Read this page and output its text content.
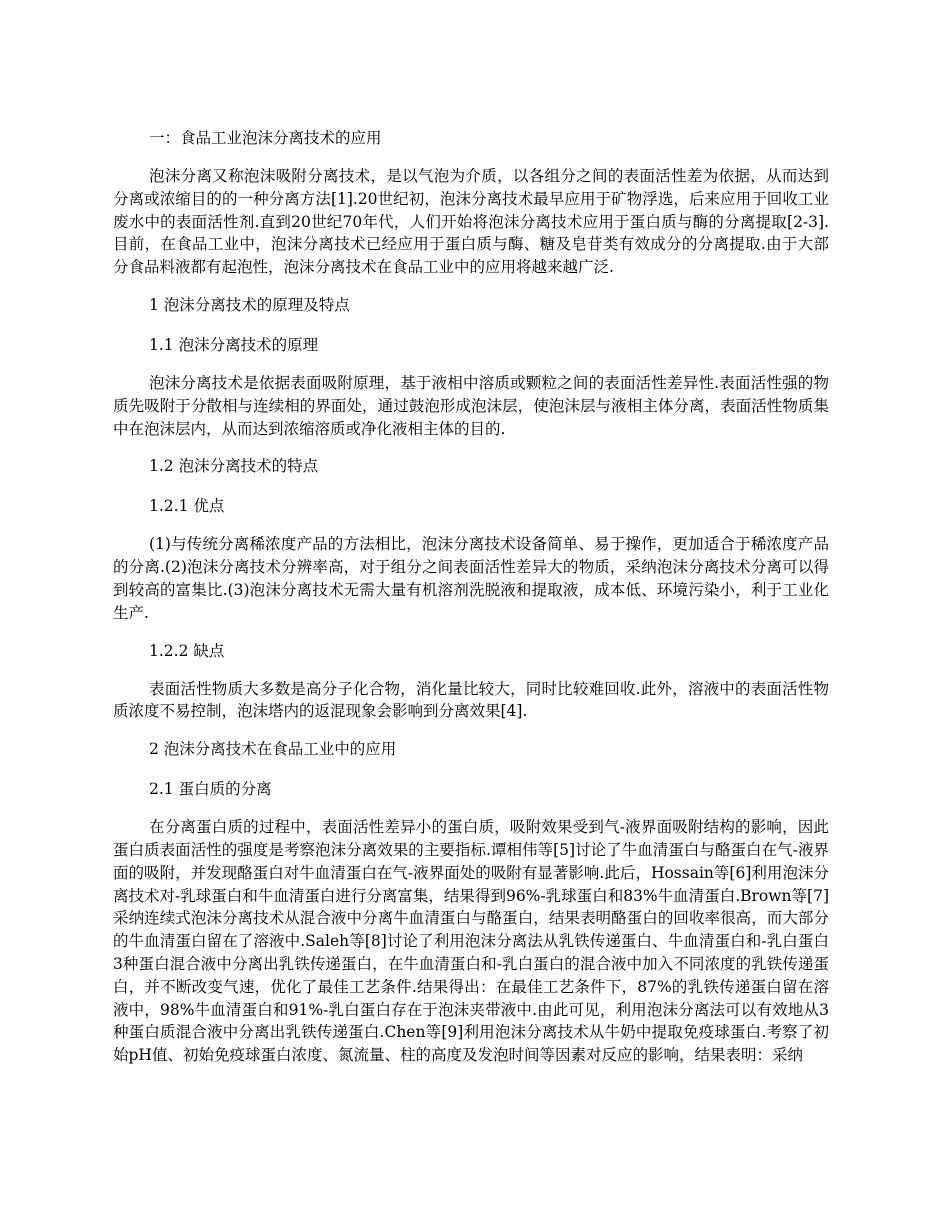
一：食品工业泡沫分离技术的应用
泡沫分离又称泡沫吸附分离技术，是以气泡为介质，以各组分之间的表面活性差为依据，从而达到分离或浓缩目的的一种分离方法[1].20世纪初，泡沫分离技术最早应用于矿物浮选，后来应用于回收工业废水中的表面活性剂.直到20世纪70年代，人们开始将泡沫分离技术应用于蛋白质与酶的分离提取[2-3].目前，在食品工业中，泡沫分离技术已经应用于蛋白质与酶、糖及皂苷类有效成分的分离提取.由于大部分食品料液都有起泡性，泡沫分离技术在食品工业中的应用将越来越广泛.
1 泡沫分离技术的原理及特点
1.1 泡沫分离技术的原理
泡沫分离技术是依据表面吸附原理，基于液相中溶质或颗粒之间的表面活性差异性.表面活性强的物质先吸附于分散相与连续相的界面处，通过鼓泡形成泡沫层，使泡沫层与液相主体分离，表面活性物质集中在泡沫层内，从而达到浓缩溶质或净化液相主体的目的.
1.2 泡沫分离技术的特点
1.2.1 优点
(1)与传统分离稀浓度产品的方法相比，泡沫分离技术设备简单、易于操作，更加适合于稀浓度产品的分离.(2)泡沫分离技术分辨率高，对于组分之间表面活性差异大的物质，采纳泡沫分离技术分离可以得到较高的富集比.(3)泡沫分离技术无需大量有机溶剂洗脱液和提取液，成本低、环境污染小，利于工业化生产.
1.2.2 缺点
表面活性物质大多数是高分子化合物，消化量比较大，同时比较难回收.此外，溶液中的表面活性物质浓度不易控制，泡沫塔内的返混现象会影响到分离效果[4].
2 泡沫分离技术在食品工业中的应用
2.1 蛋白质的分离
在分离蛋白质的过程中，表面活性差异小的蛋白质，吸附效果受到气-液界面吸附结构的影响，因此蛋白质表面活性的强度是考察泡沫分离效果的主要指标.谭相伟等[5]讨论了牛血清蛋白与酪蛋白在气-液界面的吸附，并发现酪蛋白对牛血清蛋白在气-液界面处的吸附有显著影响.此后，Hossain等[6]利用泡沫分离技术对-乳球蛋白和牛血清蛋白进行分离富集，结果得到96%-乳球蛋白和83%牛血清蛋白.Brown等[7]采纳连续式泡沫分离技术从混合液中分离牛血清蛋白与酪蛋白，结果表明酪蛋白的回收率很高，而大部分的牛血清蛋白留在了溶液中.Saleh等[8]讨论了利用泡沫分离法从乳铁传递蛋白、牛血清蛋白和-乳白蛋白3种蛋白混合液中分离出乳铁传递蛋白，在牛血清蛋白和-乳白蛋白的混合液中加入不同浓度的乳铁传递蛋白，并不断改变气速，优化了最佳工艺条件.结果得出：在最佳工艺条件下，87%的乳铁传递蛋白留在溶液中，98%牛血清蛋白和91%-乳白蛋白存在于泡沫夹带液中.由此可见，利用泡沫分离法可以有效地从3种蛋白质混合液中分离出乳铁传递蛋白.Chen等[9]利用泡沫分离技术从牛奶中提取免疫球蛋白.考察了初始pH值、初始免疫球蛋白浓度、氮流量、柱的高度及发泡时间等因素对反应的影响，结果表明：采纳
